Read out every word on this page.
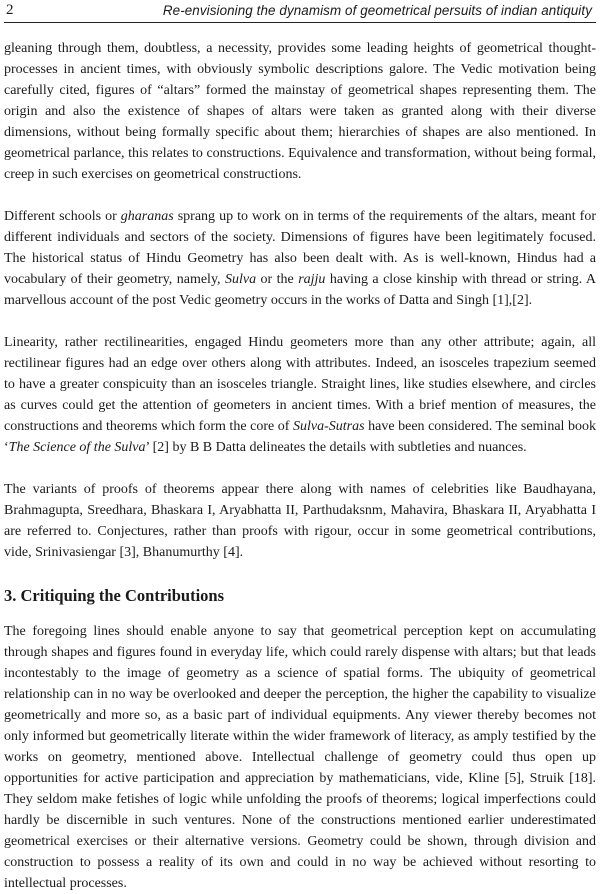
2	Re-envisioning the dynamism of geometrical persuits of indian antiquity

gleaning through them, doubtless, a necessity, provides some leading heights of geometrical thought-processes in ancient times, with obviously symbolic descriptions galore. The Vedic motivation being carefully cited, figures of “altars” formed the mainstay of geometrical shapes representing them. The origin and also the existence of shapes of altars were taken as granted along with their diverse dimensions, without being formally specific about them; hierarchies of shapes are also mentioned. In geometrical parlance, this relates to constructions. Equivalence and transformation, without being formal, creep in such exercises on geometrical constructions.

Different schools or gharanas sprang up to work on in terms of the requirements of the altars, meant for different individuals and sectors of the society. Dimensions of figures have been legitimately focused. The historical status of Hindu Geometry has also been dealt with. As is well-known, Hindus had a vocabulary of their geometry, namely, Sulva or the rajju having a close kinship with thread or string. A marvellous account of the post Vedic geometry occurs in the works of Datta and Singh [1],[2].

Linearity, rather rectilinearities, engaged Hindu geometers more than any other attribute; again, all rectilinear figures had an edge over others along with attributes. Indeed, an isosceles trapezium seemed to have a greater conspicuity than an isosceles triangle. Straight lines, like studies elsewhere, and circles as curves could get the attention of geometers in ancient times. With a brief mention of measures, the constructions and theorems which form the core of Sulva-Sutras have been considered. The seminal book ‘The Science of the Sulva’ [2] by B B Datta delineates the details with subtleties and nuances.

The variants of proofs of theorems appear there along with names of celebrities like Baudhayana, Brahmagupta, Sreedhara, Bhaskara I, Aryabhatta II, Parthudaksnm, Mahavira, Bhaskara II, Aryabhatta I are referred to. Conjectures, rather than proofs with rigour, occur in some geometrical contributions, vide, Srinivasiengar [3], Bhanumurthy [4].

3. Critiquing the Contributions

The foregoing lines should enable anyone to say that geometrical perception kept on accumulating through shapes and figures found in everyday life, which could rarely dispense with altars; but that leads incontestably to the image of geometry as a science of spatial forms. The ubiquity of geometrical relationship can in no way be overlooked and deeper the perception, the higher the capability to visualize geometrically and more so, as a basic part of individual equipments. Any viewer thereby becomes not only informed but geometrically literate within the wider framework of literacy, as amply testified by the works on geometry, mentioned above. Intellectual challenge of geometry could thus open up opportunities for active participation and appreciation by mathematicians, vide, Kline [5], Struik [18]. They seldom make fetishes of logic while unfolding the proofs of theorems; logical imperfections could hardly be discernible in such ventures. None of the constructions mentioned earlier underestimated geometrical exercises or their alternative versions. Geometry could be shown, through division and construction to possess a reality of its own and could in no way be achieved without resorting to intellectual processes.
